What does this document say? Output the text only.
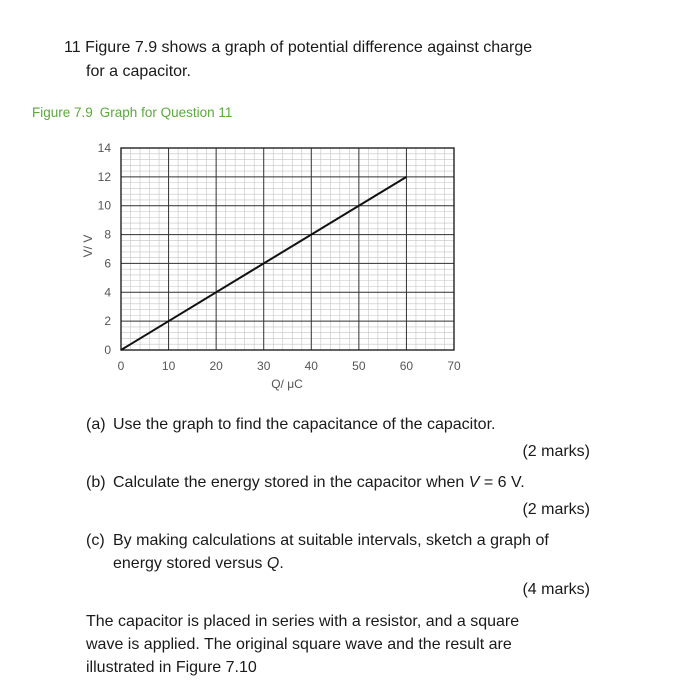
11 Figure 7.9 shows a graph of potential difference against charge
for a capacitor.
Figure 7.9 Graph for Question 11
0	10	20	30	40	50	60	70
0
2
4
6
8
10
12
14
Q/ μC
V/ V
(a) Use the graph to find the capacitance of the capacitor.
(2 marks)
(b) Calculate the energy stored in the capacitor when V = 6 V.
(2 marks)
(c) By making calculations at suitable intervals, sketch a graph of
energy stored versus Q.
(4 marks)
The capacitor is placed in series with a resistor, and a square
wave is applied. The original square wave and the result are
illustrated in Figure 7.10
